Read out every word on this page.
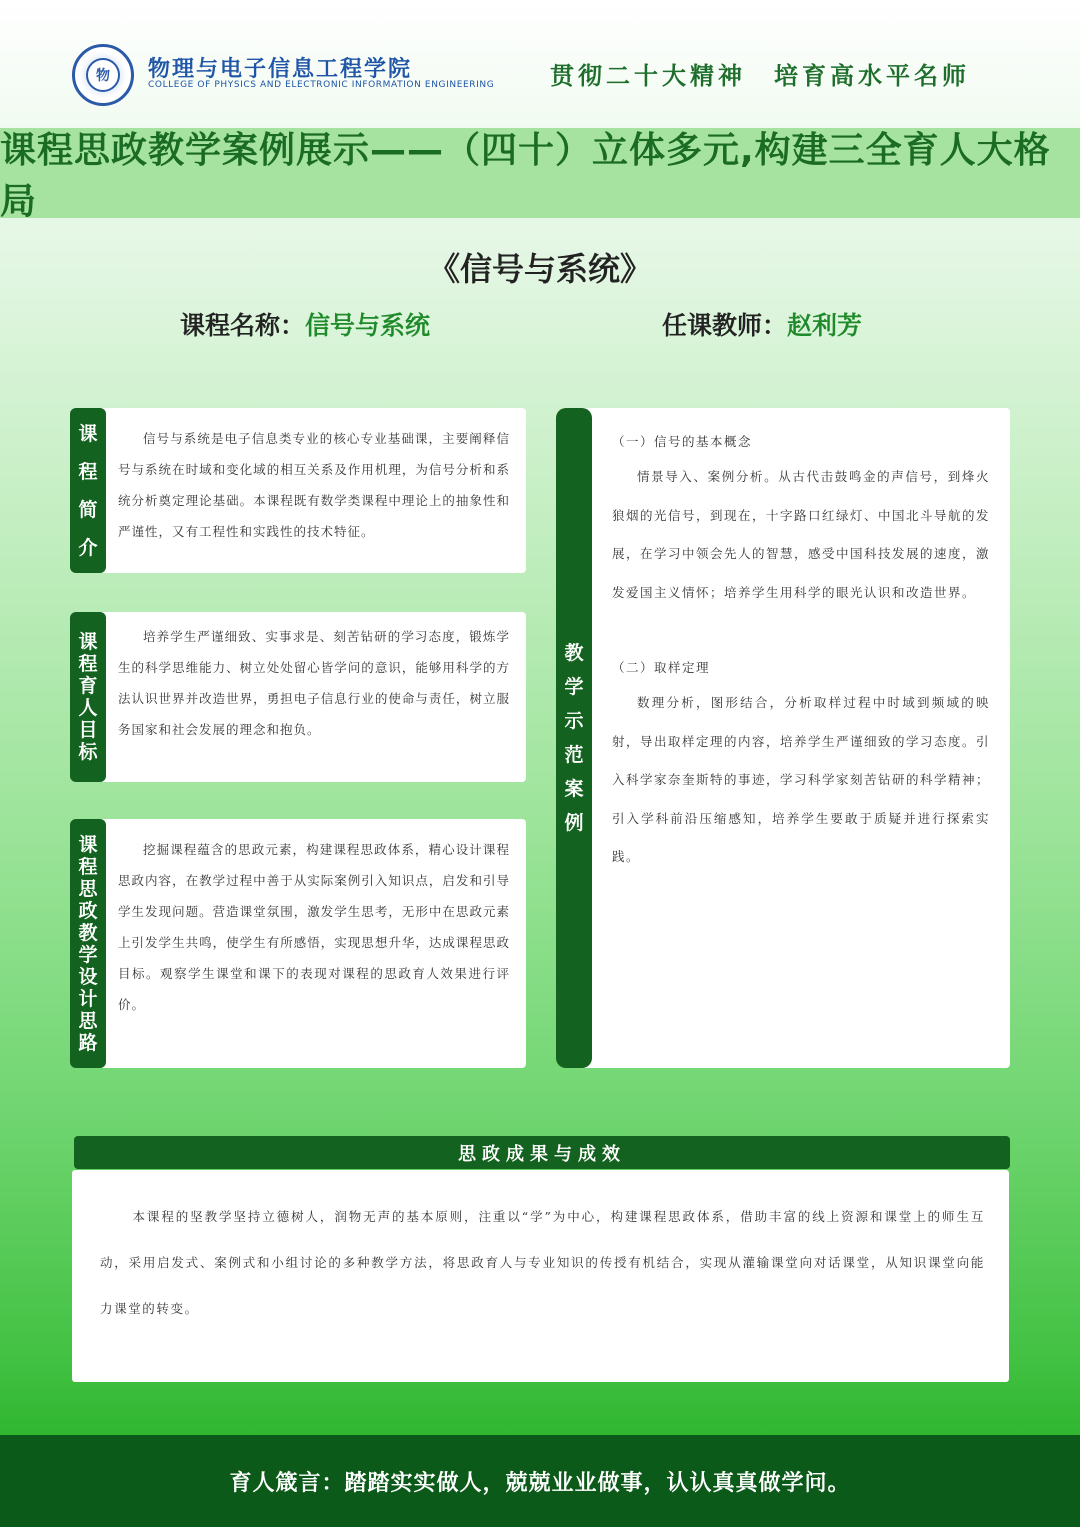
物	物理与电子信息工程学院
COLLEGE OF PHYSICS AND ELECTRONIC INFORMATION ENGINEERING 贯彻二十大精神　培育高水平名师
课程思政教学案例展示——（四十）立体多元,构建三全育人大格局
《信号与系统》
课程名称：信号与系统	任课教师：赵利芳
课
程
简
介
信号与系统是电子信息类专业的核心专业基础课，主要阐释信号与系统在时域和变化域的相互关系及作用机理，为信号分析和系统分析奠定理论基础。本课程既有数学类课程中理论上的抽象性和严谨性，又有工程性和实践性的技术特征。
课
程
育
人
目
标
培养学生严谨细致、实事求是、刻苦钻研的学习态度，锻炼学生的科学思维能力、树立处处留心皆学问的意识，能够用科学的方法认识世界并改造世界，勇担电子信息行业的使命与责任，树立服务国家和社会发展的理念和抱负。
课
程
思
政
教
学
设
计
思
路
挖掘课程蕴含的思政元素，构建课程思政体系，精心设计课程思政内容，在教学过程中善于从实际案例引入知识点，启发和引导学生发现问题。营造课堂氛围，激发学生思考，无形中在思政元素上引发学生共鸣，使学生有所感悟，实现思想升华，达成课程思政目标。观察学生课堂和课下的表现对课程的思政育人效果进行评价。
教
学
示
范
案
例
（一）信号的基本概念

情景导入、案例分析。从古代击鼓鸣金的声信号，到烽火狼烟的光信号，到现在，十字路口红绿灯、中国北斗导航的发展，在学习中领会先人的智慧，感受中国科技发展的速度，激发爱国主义情怀；培养学生用科学的眼光认识和改造世界。

（二）取样定理

数理分析，图形结合，分析取样过程中时域到频域的映射，导出取样定理的内容，培养学生严谨细致的学习态度。引入科学家奈奎斯特的事迹，学习科学家刻苦钻研的科学精神；引入学科前沿压缩感知，培养学生要敢于质疑并进行探索实践。

思政成果与成效
本课程的坚教学坚持立德树人，润物无声的基本原则，注重以“学”为中心，构建课程思政体系，借助丰富的线上资源和课堂上的师生互动，采用启发式、案例式和小组讨论的多种教学方法，将思政育人与专业知识的传授有机结合，实现从灌输课堂向对话课堂，从知识课堂向能力课堂的转变。
育人箴言：踏踏实实做人，兢兢业业做事，认认真真做学问。
